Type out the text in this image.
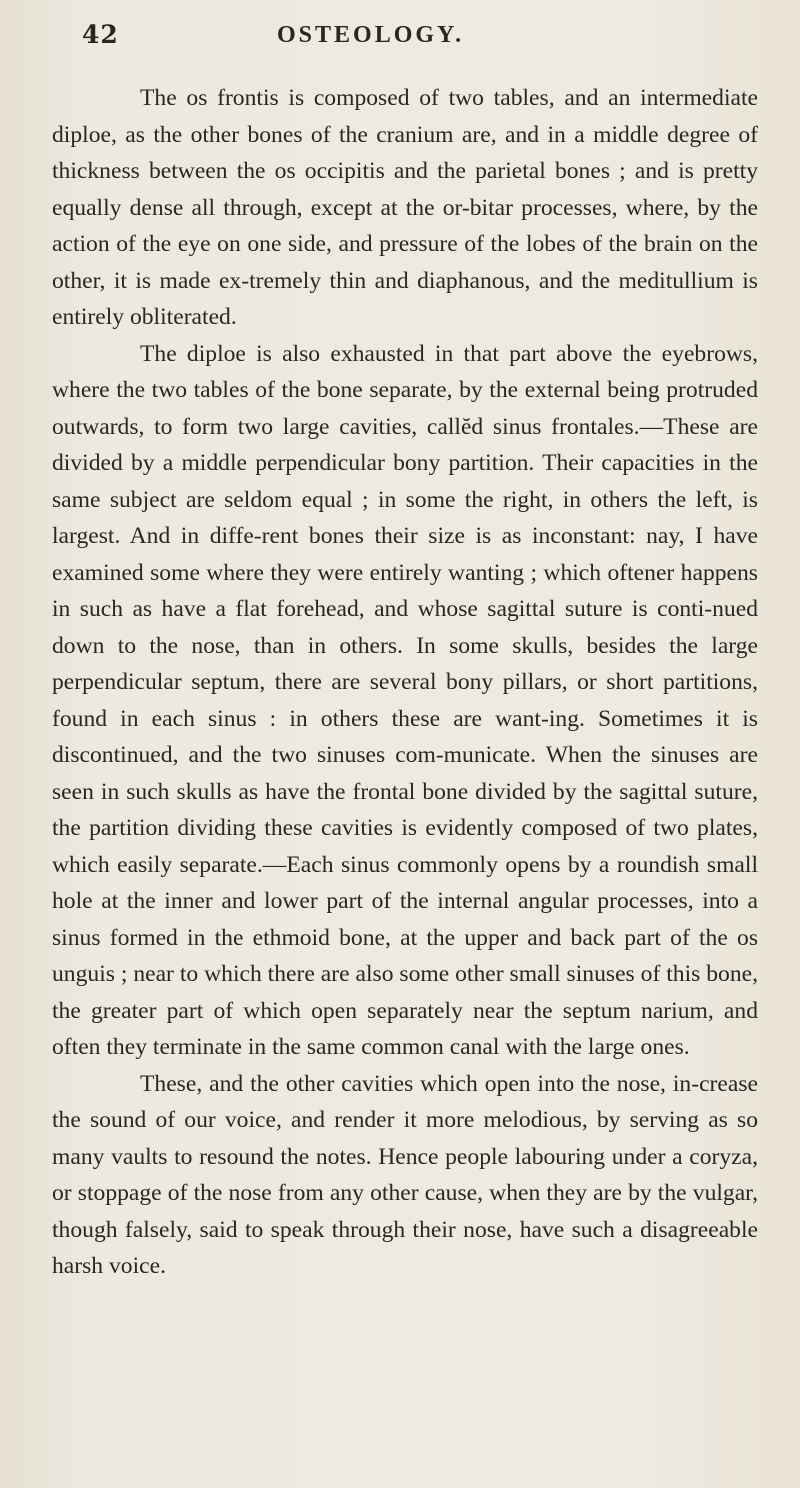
42	OSTEOLOGY.

The os frontis is composed of two tables, and an intermediate diploe, as the other bones of the cranium are, and in a middle degree of thickness between the os occipitis and the parietal bones ; and is pretty equally dense all through, except at the or-bitar processes, where, by the action of the eye on one side, and pressure of the lobes of the brain on the other, it is made ex-tremely thin and diaphanous, and the meditullium is entirely obliterated.

The diploe is also exhausted in that part above the eyebrows, where the two tables of the bone separate, by the external being protruded outwards, to form two large cavities, callĕd sinus frontales.—These are divided by a middle perpendicular bony partition. Their capacities in the same subject are seldom equal ; in some the right, in others the left, is largest. And in diffe-rent bones their size is as inconstant: nay, I have examined some where they were entirely wanting ; which oftener happens in such as have a flat forehead, and whose sagittal suture is conti-nued down to the nose, than in others. In some skulls, besides the large perpendicular septum, there are several bony pillars, or short partitions, found in each sinus : in others these are want-ing. Sometimes it is discontinued, and the two sinuses com-municate. When the sinuses are seen in such skulls as have the frontal bone divided by the sagittal suture, the partition dividing these cavities is evidently composed of two plates, which easily separate.—Each sinus commonly opens by a roundish small hole at the inner and lower part of the internal angular processes, into a sinus formed in the ethmoid bone, at the upper and back part of the os unguis ; near to which there are also some other small sinuses of this bone, the greater part of which open separately near the septum narium, and often they terminate in the same common canal with the large ones.

These, and the other cavities which open into the nose, in-crease the sound of our voice, and render it more melodious, by serving as so many vaults to resound the notes. Hence people labouring under a coryza, or stoppage of the nose from any other cause, when they are by the vulgar, though falsely, said to speak through their nose, have such a disagreeable harsh voice.
